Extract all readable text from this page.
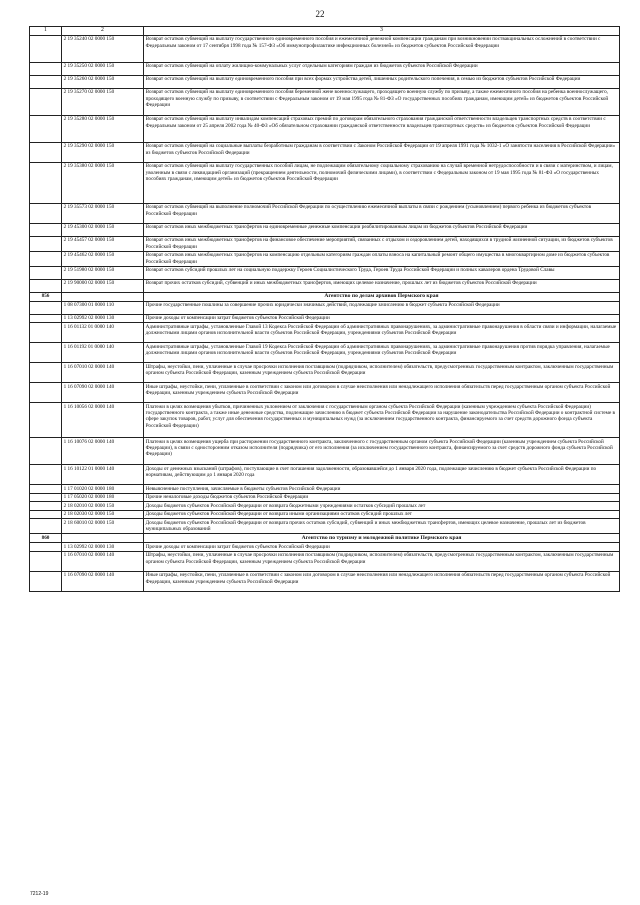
22
1	2	3
	2 19 35240 02 0000 150	Возврат остатков субвенций на выплату государственного единовременного пособия и ежемесячной денежной компенсации гражданам при возникновении поствакцинальных осложнений в соответствии с Федеральным законом от 17 сентября 1998 года № 157-ФЗ «Об иммунопрофилактике инфекционных болезней» из бюджетов субъектов Российской Федерации
	2 19 35250 02 0000 150	Возврат остатков субвенций на оплату жилищно-коммунальных услуг отдельным категориям граждан из бюджетов субъектов Российской Федерации
	2 19 35260 02 0000 150	Возврат остатков субвенций на выплату единовременного пособия при всех формах устройства детей, лишенных родительского попечения, в семью из бюджетов субъектов Российской Федерации
	2 19 35270 02 0000 150	Возврат остатков субвенций на выплату единовременного пособия беременной жене военнослужащего, проходящего военную службу по призыву, а также ежемесячного пособия на ребенка военнослужащего, проходящего военную службу по призыву, в соответствии с Федеральным законом от 19 мая 1995 года № 81-ФЗ «О государственных пособиях гражданам, имеющим детей» из бюджетов субъектов Российской Федерации
	2 19 35280 02 0000 150	Возврат остатков субвенций на выплату инвалидам компенсаций страховых премий по договорам обязательного страхования гражданской ответственности владельцев транспортных средств в соответствии с Федеральным законом от 25 апреля 2002 года № 40-ФЗ «Об обязательном страховании гражданской ответственности владельцев транспортных средств» из бюджетов субъектов Российской Федерации
	2 19 35290 02 0000 150	Возврат остатков субвенций на социальные выплаты безработным гражданам в соответствии с Законом Российской Федерации от 19 апреля 1991 года № 1032-1 «О занятости населения в Российской Федерации» из бюджетов субъектов Российской Федерации
	2 19 35380 02 0000 150	Возврат остатков субвенций на выплату государственных пособий лицам, не подлежащим обязательному социальному страхованию на случай временной нетрудоспособности и в связи с материнством, и лицам, уволенным в связи с ликвидацией организаций (прекращением деятельности, полномочий физическими лицами), в соответствии с Федеральным законом от 19 мая 1995 года № 81-ФЗ «О государственных пособиях гражданам, имеющим детей» из бюджетов субъектов Российской Федерации
	2 19 35573 02 0000 150	Возврат остатков субвенций на выполнение полномочий Российской Федерации по осуществлению ежемесячной выплаты в связи с рождением (усыновлением) первого ребенка из бюджетов субъектов Российской Федерации
	2 19 45300 02 0000 150	Возврат остатков иных межбюджетных трансфертов на единовременные денежные компенсации реабилитированным лицам из бюджетов субъектов Российской Федерации
	2 19 45457 02 0000 150	Возврат остатков иных межбюджетных трансфертов на финансовое обеспечение мероприятий, связанных с отдыхом и оздоровлением детей, находящихся в трудной жизненной ситуации, из бюджетов субъектов Российской Федерации
	2 19 45462 02 0000 150	Возврат остатков иных межбюджетных трансфертов на компенсацию отдельным категориям граждан оплаты взноса на капитальный ремонт общего имущества в многоквартирном доме из бюджетов субъектов Российской Федерации
	2 19 51980 02 0000 150	Возврат остатков субсидий прошлых лет на социальную поддержку Героев Социалистического Труда, Героев Труда Российской Федерации и полных кавалеров ордена Трудовой Славы
	2 19 90000 02 0000 150	Возврат прочих остатков субсидий, субвенций и иных межбюджетных трансфертов, имеющих целевое назначение, прошлых лет из бюджетов субъектов Российской Федерации
856		Агентство по делам архивов Пермского края
	1 08 07300 01 0000 110	Прочие государственные пошлины за совершение прочих юридически значимых действий, подлежащие зачислению в бюджет субъекта Российской Федерации
	1 13 02992 02 0000 130	Прочие доходы от компенсации затрат бюджетов субъектов Российской Федерации
	1 16 01132 01 0000 140	Административные штрафы, установленные Главой 13 Кодекса Российской Федерации об административных правонарушениях, за административные правонарушения в области связи и информации, налагаемые должностными лицами органов исполнительной власти субъектов Российской Федерации, учреждениями субъектов Российской Федерации
	1 16 01192 01 0000 140	Административные штрафы, установленные Главой 19 Кодекса Российской Федерации об административных правонарушениях, за административные правонарушения против порядка управления, налагаемые должностными лицами органов исполнительной власти субъектов Российской Федерации, учреждениями субъектов Российской Федерации
	1 16 07010 02 0000 140	Штрафы, неустойки, пени, уплаченные в случае просрочки исполнения поставщиком (подрядчиком, исполнителем) обязательств, предусмотренных государственным контрактом, заключенным государственным органом субъекта Российской Федерации, казенным учреждением субъекта Российской Федерации
	1 16 07090 02 0000 140	Иные штрафы, неустойки, пени, уплаченные в соответствии с законом или договором в случае неисполнения или ненадлежащего исполнения обязательств перед государственным органом субъекта Российской Федерации, казенным учреждением субъекта Российской Федерации
	1 16 10056 02 0000 140	Платежи в целях возмещения убытков, причиненных уклонением от заключения с государственным органом субъекта Российской Федерации (казенным учреждением субъекта Российской Федерации) государственного контракта, а также иные денежные средства, подлежащие зачислению в бюджет субъекта Российской Федерации за нарушение законодательства Российской Федерации о контрактной системе в сфере закупок товаров, работ, услуг для обеспечения государственных и муниципальных нужд (за исключением государственного контракта, финансируемого за счет средств дорожного фонда субъекта Российской Федерации)
	1 16 10076 02 0000 140	Платежи в целях возмещения ущерба при расторжении государственного контракта, заключенного с государственным органом субъекта Российской Федерации (казенным учреждением субъекта Российской Федерации), в связи с односторонним отказом исполнителя (подрядчика) от его исполнения (за исключением государственного контракта, финансируемого за счет средств дорожного фонда субъекта Российской Федерации)
	1 16 10122 01 0000 140	Доходы от денежных взысканий (штрафов), поступающие в счет погашения задолженности, образовавшейся до 1 января 2020 года, подлежащие зачислению в бюджет субъекта Российской Федерации по нормативам, действующим до 1 января 2020 года
	1 17 01020 02 0000 180	Невыясненные поступления, зачисляемые в бюджеты субъектов Российской Федерации
	1 17 05020 02 0000 180	Прочие неналоговые доходы бюджетов субъектов Российской Федерации
	2 18 02010 02 0000 150	Доходы бюджетов субъектов Российской Федерации от возврата бюджетными учреждениями остатков субсидий прошлых лет
	2 18 02030 02 0000 150	Доходы бюджетов субъектов Российской Федерации от возврата иными организациями остатков субсидий прошлых лет
	2 18 60010 02 0000 150	Доходы бюджетов субъектов Российской Федерации от возврата прочих остатков субсидий, субвенций и иных межбюджетных трансфертов, имеющих целевое назначение, прошлых лет из бюджетов муниципальных образований
860		Агентство по туризму и молодежной политике Пермского края
	1 13 02992 02 0000 130	Прочие доходы от компенсации затрат бюджетов субъектов Российской Федерации
	1 16 07010 02 0000 140	Штрафы, неустойки, пени, уплаченные в случае просрочки исполнения поставщиком (подрядчиком, исполнителем) обязательств, предусмотренных государственным контрактом, заключенным государственным органом субъекта Российской Федерации, казенным учреждением субъекта Российской Федерации
	1 16 07090 02 0000 140	Иные штрафы, неустойки, пени, уплаченные в соответствии с законом или договором в случае неисполнения или ненадлежащего исполнения обязательств перед государственным органом субъекта Российской Федерации, казенным учреждением субъекта Российской Федерации
7212-19
